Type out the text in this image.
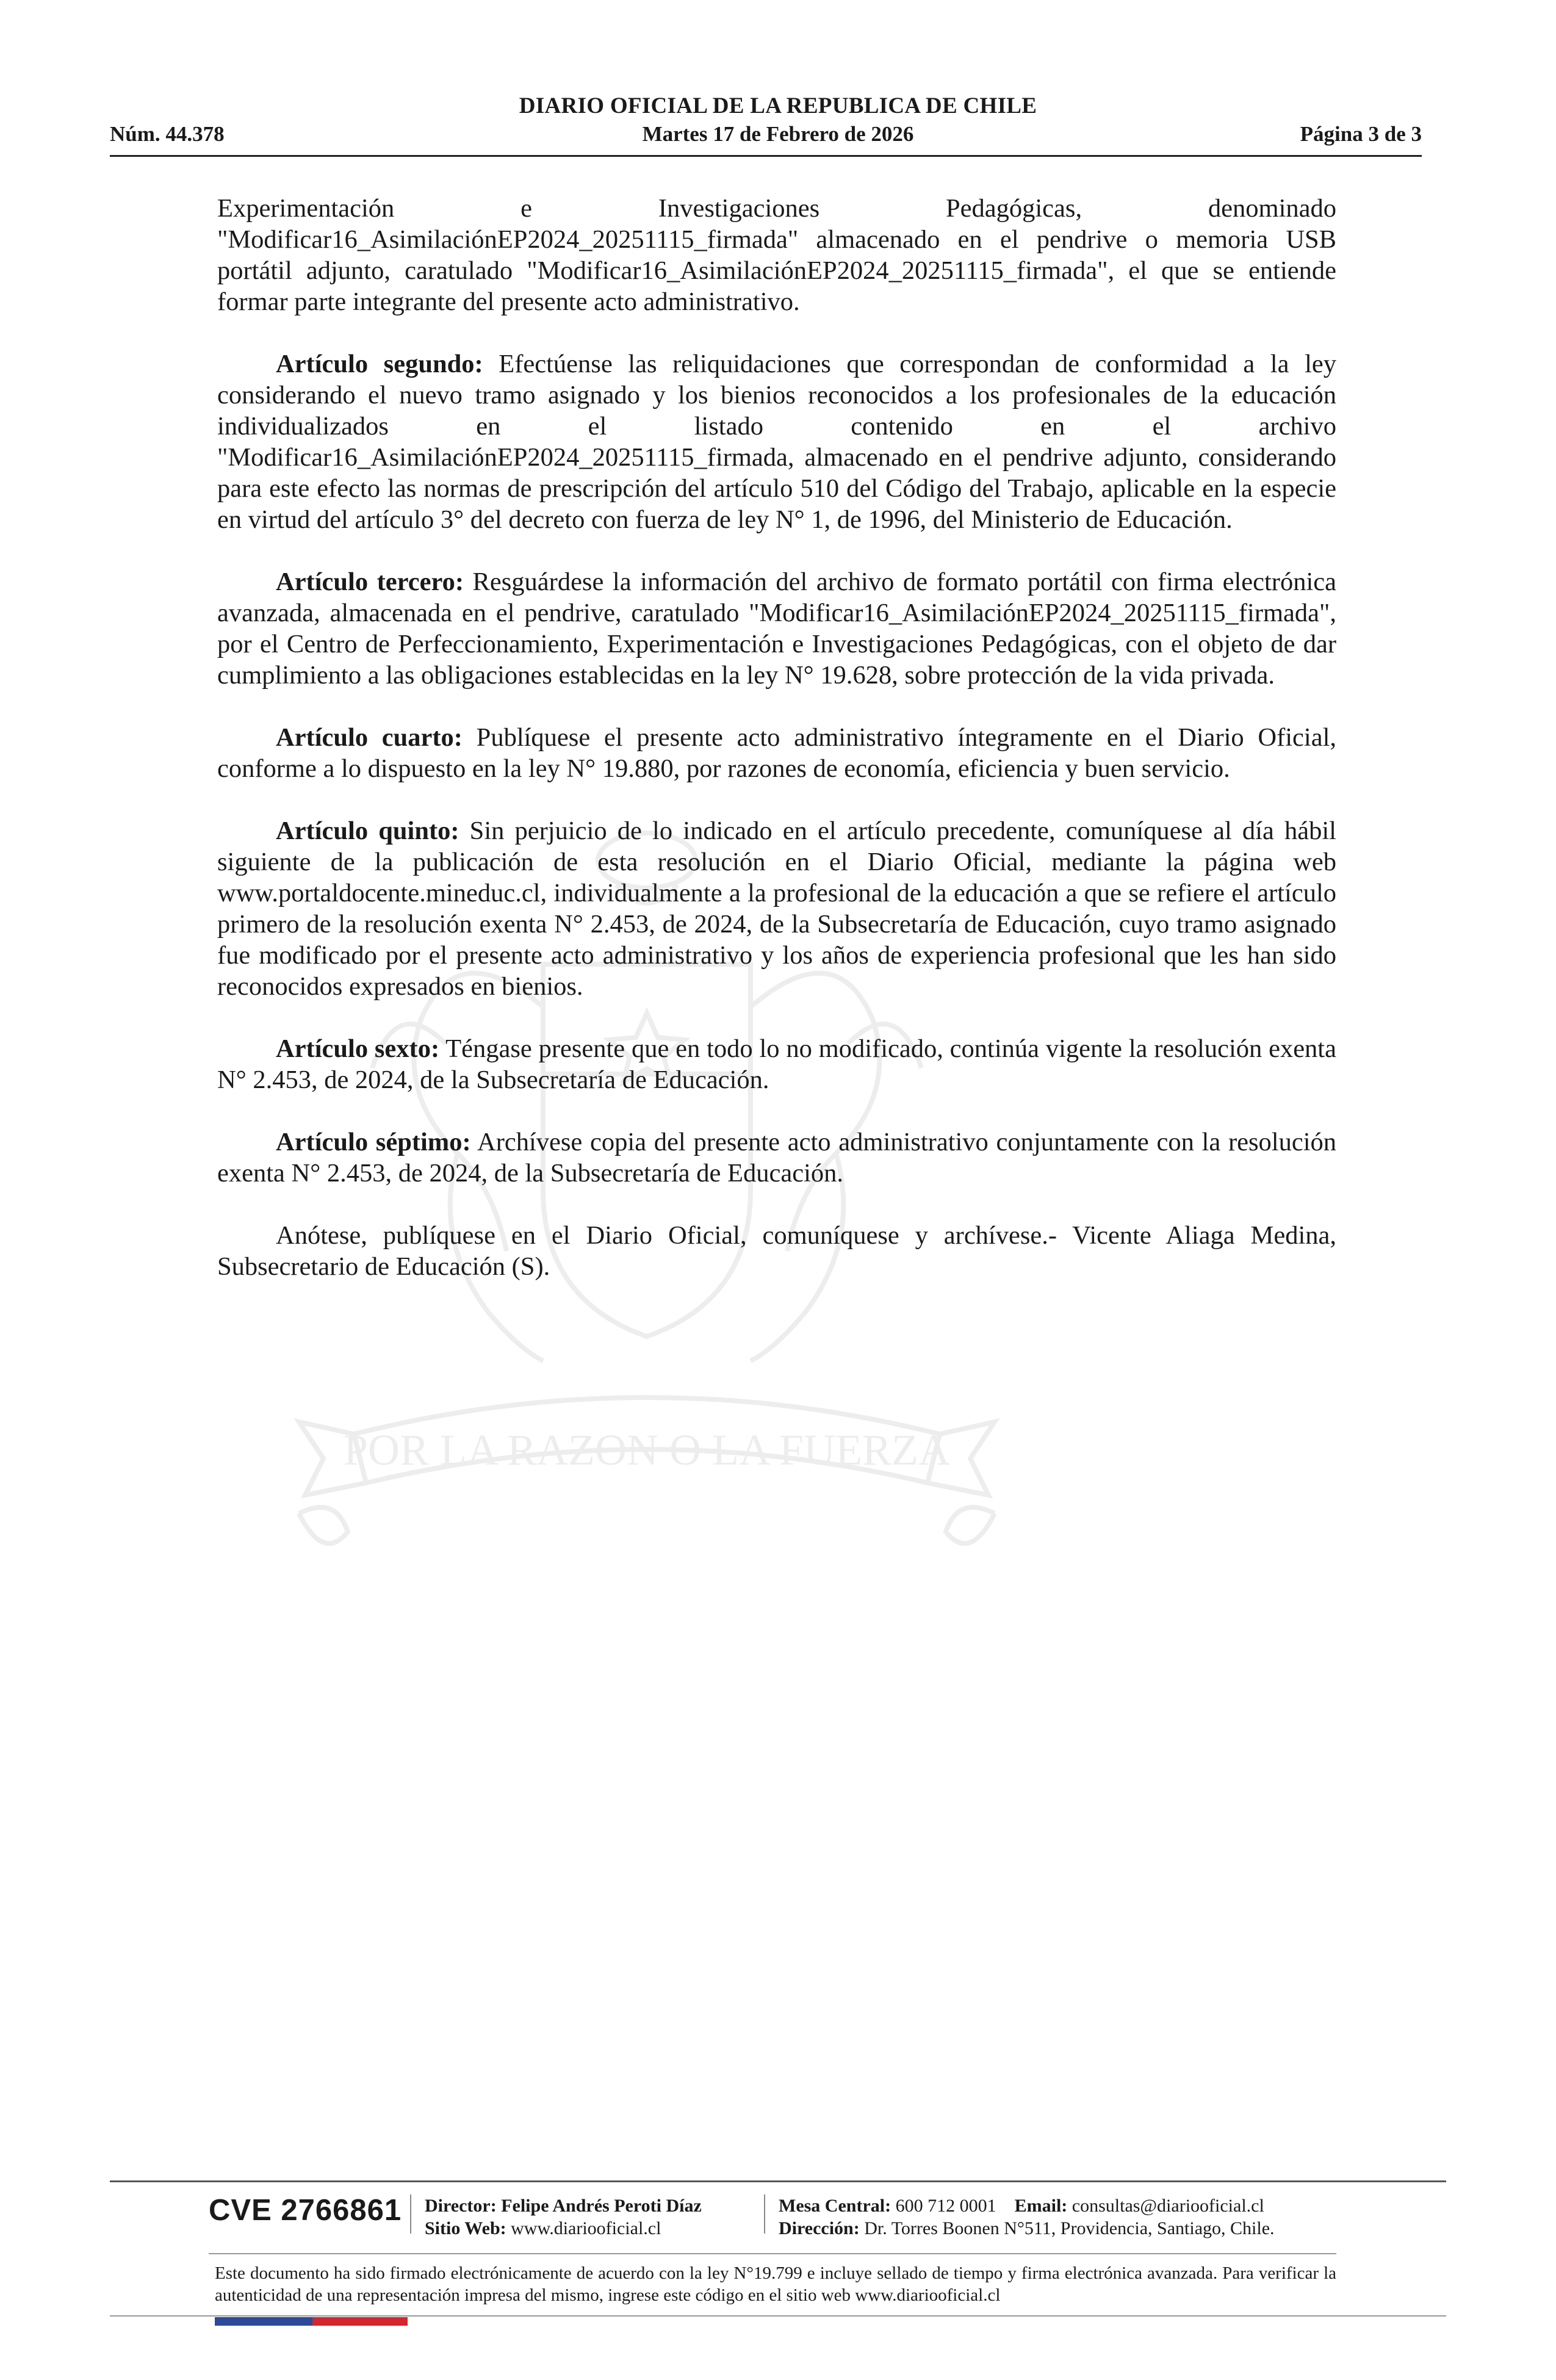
POR LA RAZON O LA FUERZA
DIARIO OFICIAL DE LA REPUBLICA DE CHILE
Núm. 44.378	Martes 17 de Febrero de 2026	Página 3 de 3

Experimentación e Investigaciones Pedagógicas, denominado "Modificar16_AsimilaciónEP2024_20251115_firmada" almacenado en el pendrive o memoria USB portátil adjunto, caratulado "Modificar16_AsimilaciónEP2024_20251115_firmada", el que se entiende formar parte integrante del presente acto administrativo.

Artículo segundo: Efectúense las reliquidaciones que correspondan de conformidad a la ley considerando el nuevo tramo asignado y los bienios reconocidos a los profesionales de la educación individualizados en el listado contenido en el archivo "Modificar16_AsimilaciónEP2024_20251115_firmada, almacenado en el pendrive adjunto, considerando para este efecto las normas de prescripción del artículo 510 del Código del Trabajo, aplicable en la especie en virtud del artículo 3° del decreto con fuerza de ley N° 1, de 1996, del Ministerio de Educación.

Artículo tercero: Resguárdese la información del archivo de formato portátil con firma electrónica avanzada, almacenada en el pendrive, caratulado "Modificar16_AsimilaciónEP2024_20251115_firmada", por el Centro de Perfeccionamiento, Experimentación e Investigaciones Pedagógicas, con el objeto de dar cumplimiento a las obligaciones establecidas en la ley N° 19.628, sobre protección de la vida privada.

Artículo cuarto: Publíquese el presente acto administrativo íntegramente en el Diario Oficial, conforme a lo dispuesto en la ley N° 19.880, por razones de economía, eficiencia y buen servicio.

Artículo quinto: Sin perjuicio de lo indicado en el artículo precedente, comuníquese al día hábil siguiente de la publicación de esta resolución en el Diario Oficial, mediante la página web www.portaldocente.mineduc.cl, individualmente a la profesional de la educación a que se refiere el artículo primero de la resolución exenta N° 2.453, de 2024, de la Subsecretaría de Educación, cuyo tramo asignado fue modificado por el presente acto administrativo y los años de experiencia profesional que les han sido reconocidos expresados en bienios.

Artículo sexto: Téngase presente que en todo lo no modificado, continúa vigente la resolución exenta N° 2.453, de 2024, de la Subsecretaría de Educación.

Artículo séptimo: Archívese copia del presente acto administrativo conjuntamente con la resolución exenta N° 2.453, de 2024, de la Subsecretaría de Educación.

Anótese, publíquese en el Diario Oficial, comuníquese y archívese.- Vicente Aliaga Medina, Subsecretario de Educación (S).

CVE 2766861 Director: Felipe Andrés Peroti Díaz
Sitio Web: www.diariooficial.cl
Mesa Central: 600 712 0001 Email: consultas@diariooficial.cl
Dirección: Dr. Torres Boonen N°511, Providencia, Santiago, Chile.
Este documento ha sido firmado electrónicamente de acuerdo con la ley N°19.799 e incluye sellado de tiempo y firma electrónica avanzada. Para verificar la autenticidad de una representación impresa del mismo, ingrese este código en el sitio web www.diariooficial.cl
